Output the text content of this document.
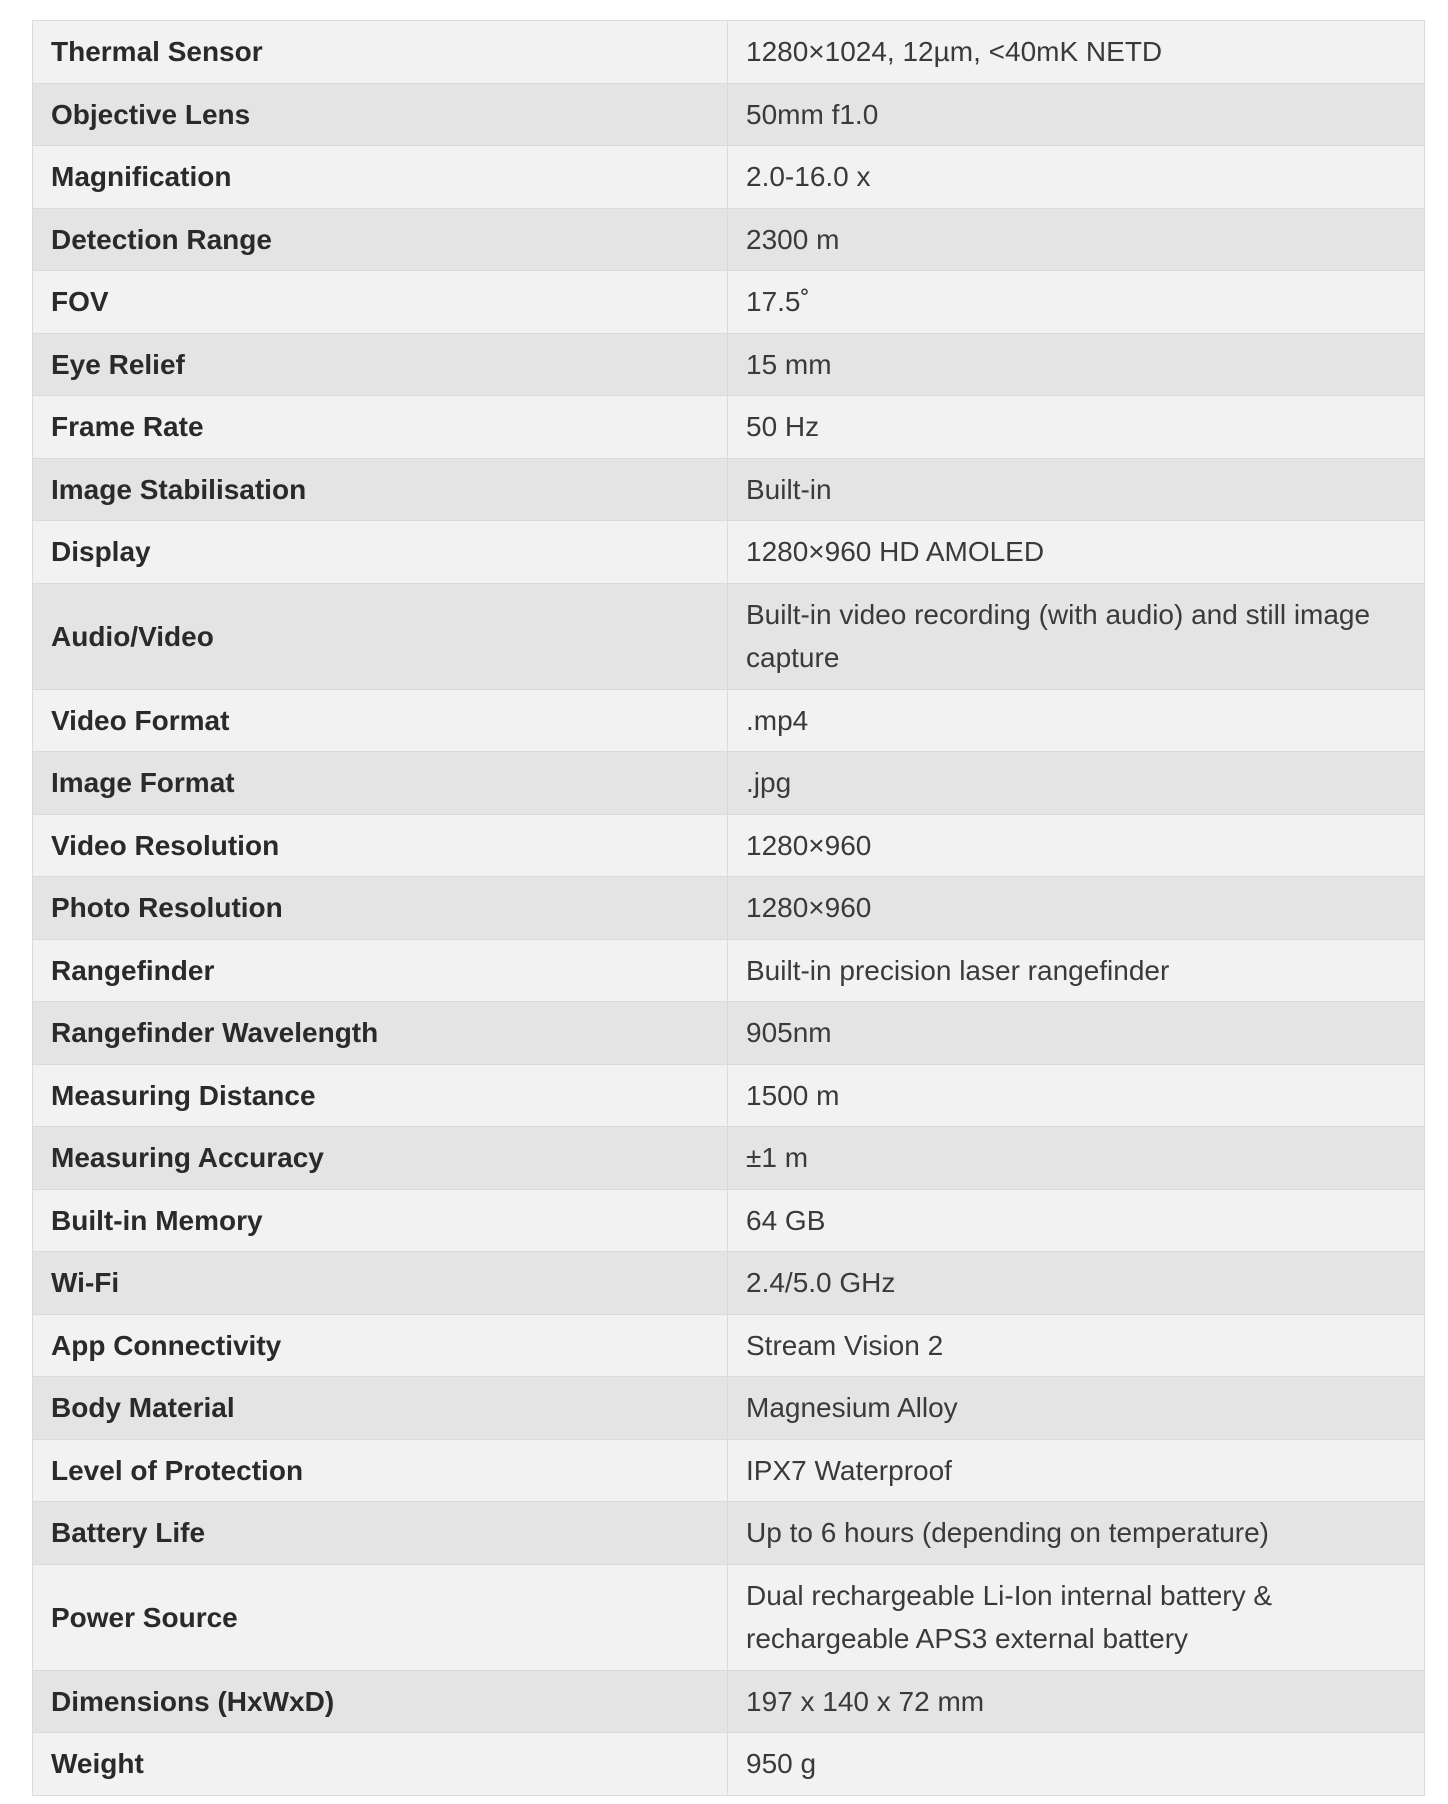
Thermal Sensor	1280×1024, 12µm, <40mK NETD
Objective Lens	50mm f1.0
Magnification	2.0-16.0 x
Detection Range	2300 m
FOV	17.5˚
Eye Relief	15 mm
Frame Rate	50 Hz
Image Stabilisation	Built-in
Display	1280×960 HD AMOLED
Audio/Video	Built-in video recording (with audio) and still image capture
Video Format	.mp4
Image Format	.jpg
Video Resolution	1280×960
Photo Resolution	1280×960
Rangefinder	Built-in precision laser rangefinder
Rangefinder Wavelength	905nm
Measuring Distance	1500 m
Measuring Accuracy	±1 m
Built-in Memory	64 GB
Wi-Fi	2.4/5.0 GHz
App Connectivity	Stream Vision 2
Body Material	Magnesium Alloy
Level of Protection	IPX7 Waterproof
Battery Life	Up to 6 hours (depending on temperature)
Power Source	Dual rechargeable Li-Ion internal battery & rechargeable APS3 external battery
Dimensions (HxWxD)	197 x 140 x 72 mm
Weight	950 g
